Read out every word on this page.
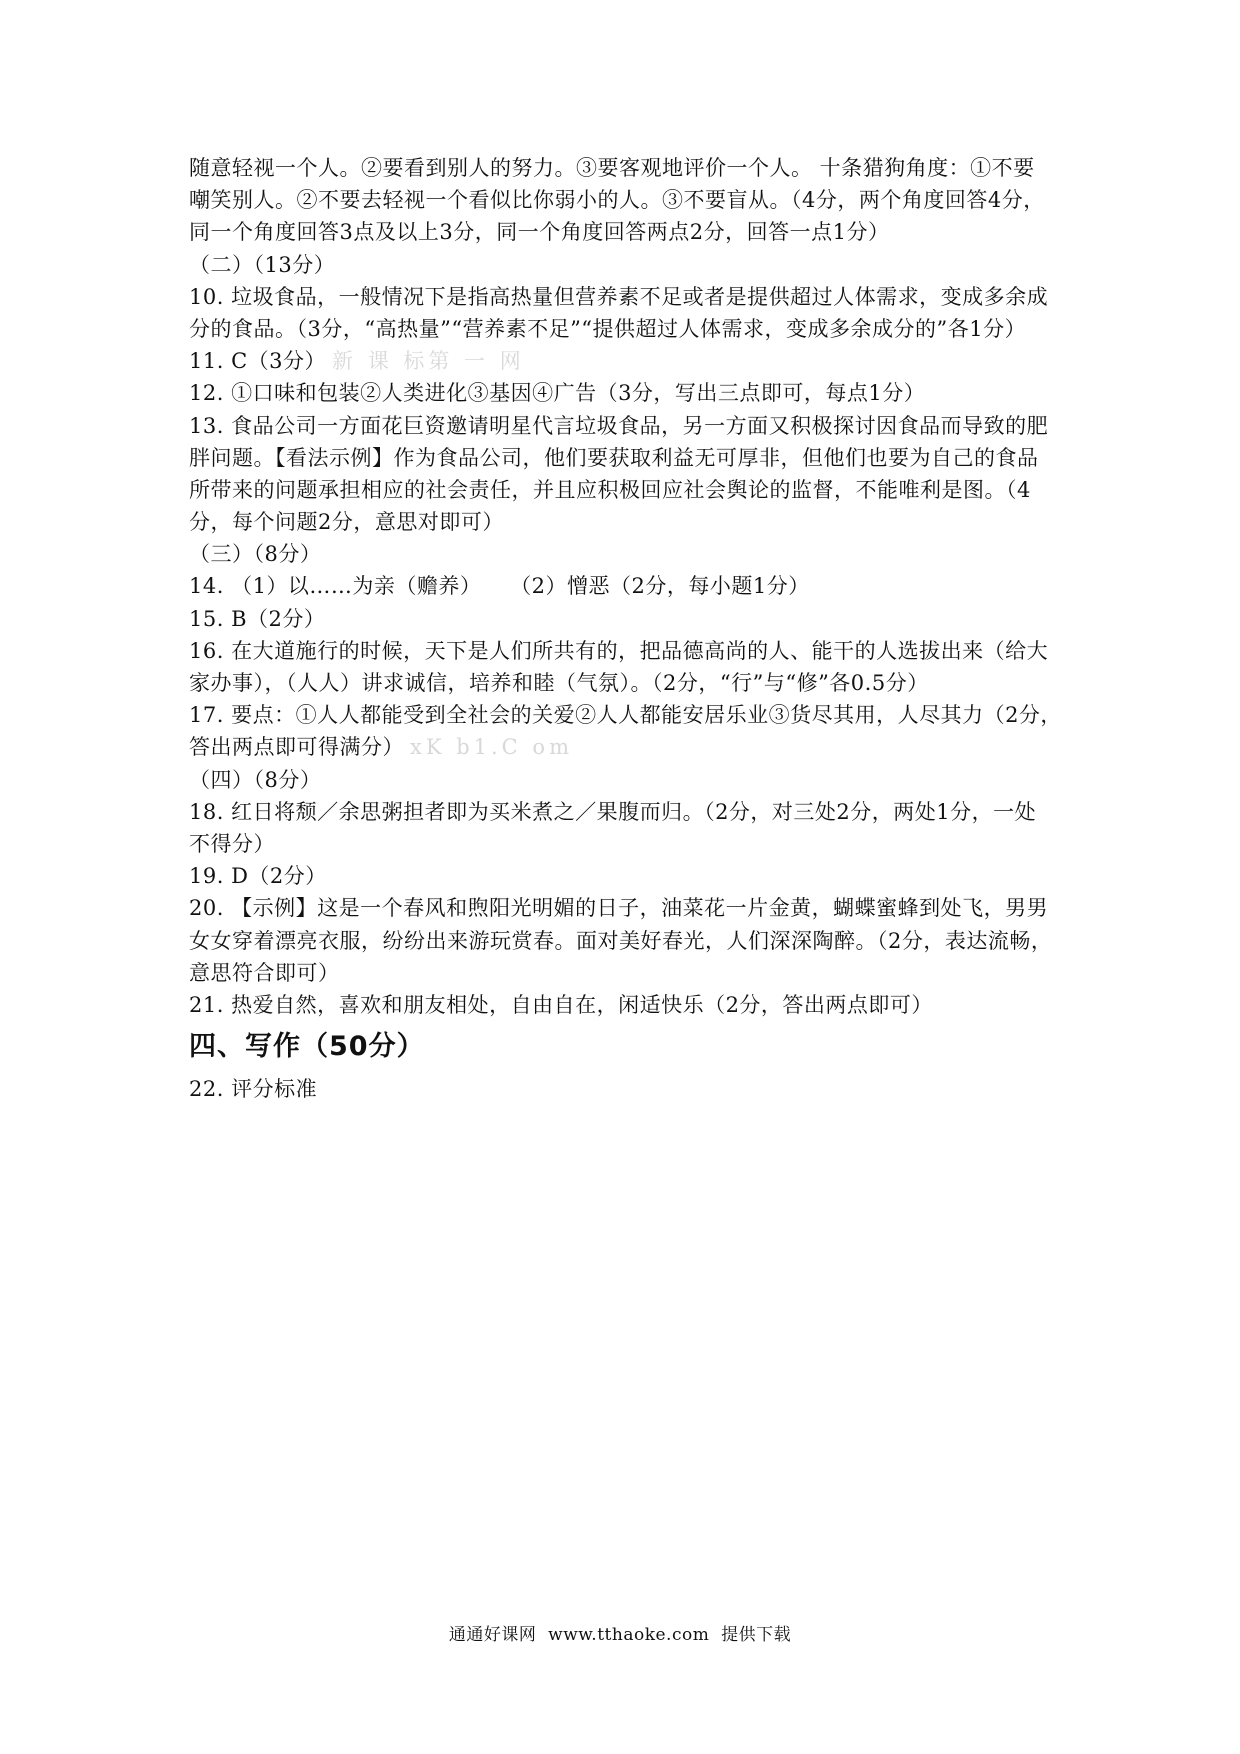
随意轻视一个人。②要看到别人的努力。③要客观地评价一个人。 十条猎狗角度：①不要
嘲笑别人。②不要去轻视一个看似比你弱小的人。③不要盲从。（4分，两个角度回答4分，
同一个角度回答3点及以上3分，同一个角度回答两点2分，回答一点1分）
（二）（13分）
10. 垃圾食品，一般情况下是指高热量但营养素不足或者是提供超过人体需求，变成多余成
分的食品。（3分，“高热量”“营养素不足”“提供超过人体需求，变成多余成分的”各1分）
11. C（3分） 新 课 标第 一 网
12. ①口味和包装②人类进化③基因④广告（3分，写出三点即可，每点1分）
13. 食品公司一方面花巨资邀请明星代言垃圾食品，另一方面又积极探讨因食品而导致的肥
胖问题。【看法示例】作为食品公司，他们要获取利益无可厚非，但他们也要为自己的食品
所带来的问题承担相应的社会责任，并且应积极回应社会舆论的监督，不能唯利是图。（4
分，每个问题2分，意思对即可）
（三）（8分）
14. （1）以……为亲（赡养）    （2）憎恶（2分，每小题1分）
15. B（2分）
16. 在大道施行的时候，天下是人们所共有的，把品德高尚的人、能干的人选拔出来（给大
家办事），（人人）讲求诚信，培养和睦（气氛）。（2分，“行”与“修”各0.5分）
17. 要点：①人人都能受到全社会的关爱②人人都能安居乐业③货尽其用，人尽其力（2分，
答出两点即可得满分） xK b1.C om
（四）（8分）
18. 红日将颓／余思粥担者即为买米煮之／果腹而归。（2分，对三处2分，两处1分，一处
不得分）
19. D（2分）
20. 【示例】这是一个春风和煦阳光明媚的日子，油菜花一片金黄，蝴蝶蜜蜂到处飞，男男
女女穿着漂亮衣服，纷纷出来游玩赏春。面对美好春光，人们深深陶醉。（2分，表达流畅，
意思符合即可）
21. 热爱自然，喜欢和朋友相处，自由自在，闲适快乐（2分，答出两点即可）
四、写作（50分）
22. 评分标准
通通好课网  www.tthaoke.com  提供下载
